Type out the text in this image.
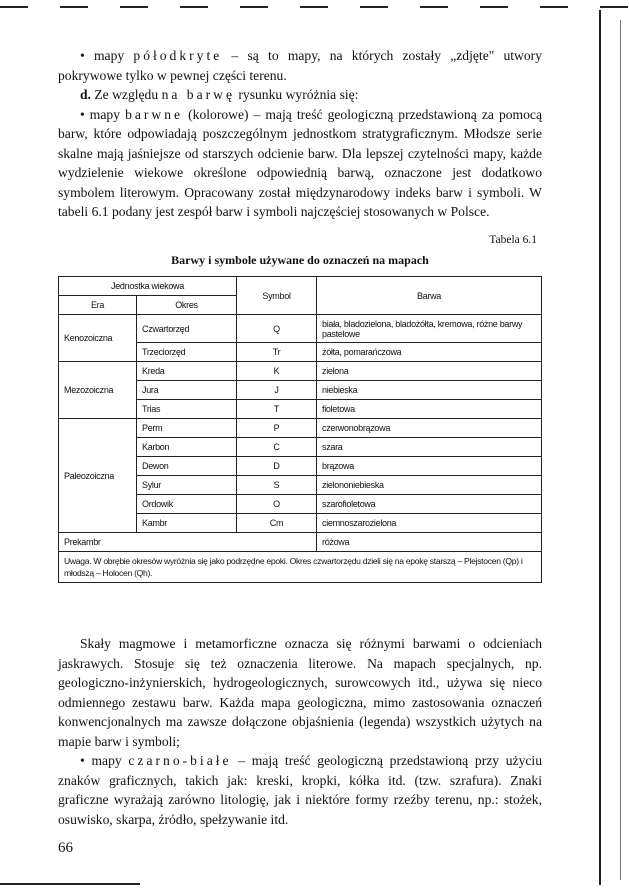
• mapy półodkryte – są to mapy, na których zostały „zdjęte" utwory pokrywowe tylko w pewnej części terenu.

d. Ze względu na barwę rysunku wyróżnia się:

• mapy barwne (kolorowe) – mają treść geologiczną przedstawioną za pomocą barw, które odpowiadają poszczególnym jednostkom stratygraficznym. Młodsze serie skalne mają jaśniejsze od starszych odcienie barw. Dla lepszej czytelności mapy, każde wydzielenie wiekowe określone odpowiednią barwą, oznaczone jest dodatkowo symbolem literowym. Opracowany został międzynarodowy indeks barw i symboli. W tabeli 6.1 podany jest zespół barw i symboli najczęściej stosowanych w Polsce.

Tabela 6.1
Barwy i symbole używane do oznaczeń na mapach
Jednostka wiekowa		Symbol	Barwa
Era	Okres		
Kenozoiczna	Czwartorzęd	Q	biała, bladozielona, bladożółta, kremowa, różne barwy pastelowe
	Trzeciorzęd	Tr	żółta, pomarańczowa
Mezozoiczna	Kreda	K	zielona
	Jura	J	niebieska
	Trias	T	fioletowa
Paleozoiczna	Perm	P	czerwonobrązowa
	Karbon	C	szara
	Dewon	D	brązowa
	Sylur	S	zielononiebieska
	Ordowik	O	szarofioletowa
	Kambr	Cm	ciemnoszarozielona
Prekambr			różowa
Uwaga. W obrębie okresów wyróżnia się jako podrzędne epoki. Okres czwartorzędu dzieli się na epokę starszą – Plejstocen (Qp) i młodszą – Holocen (Qh).			

Skały magmowe i metamorficzne oznacza się różnymi barwami o odcieniach jaskrawych. Stosuje się też oznaczenia literowe. Na mapach specjalnych, np. geologiczno-inżynierskich, hydrogeologicznych, surowcowych itd., używa się nieco odmiennego zestawu barw. Każda mapa geologiczna, mimo zastosowania oznaczeń konwencjonalnych ma zawsze dołączone objaśnienia (legenda) wszystkich użytych na mapie barw i symboli;

• mapy czarno-białe – mają treść geologiczną przedstawioną przy użyciu znaków graficznych, takich jak: kreski, kropki, kółka itd. (tzw. szrafura). Znaki graficzne wyrażają zarówno litologię, jak i niektóre formy rzeźby terenu, np.: stożek, osuwisko, skarpa, źródło, spełzywanie itd.

66
